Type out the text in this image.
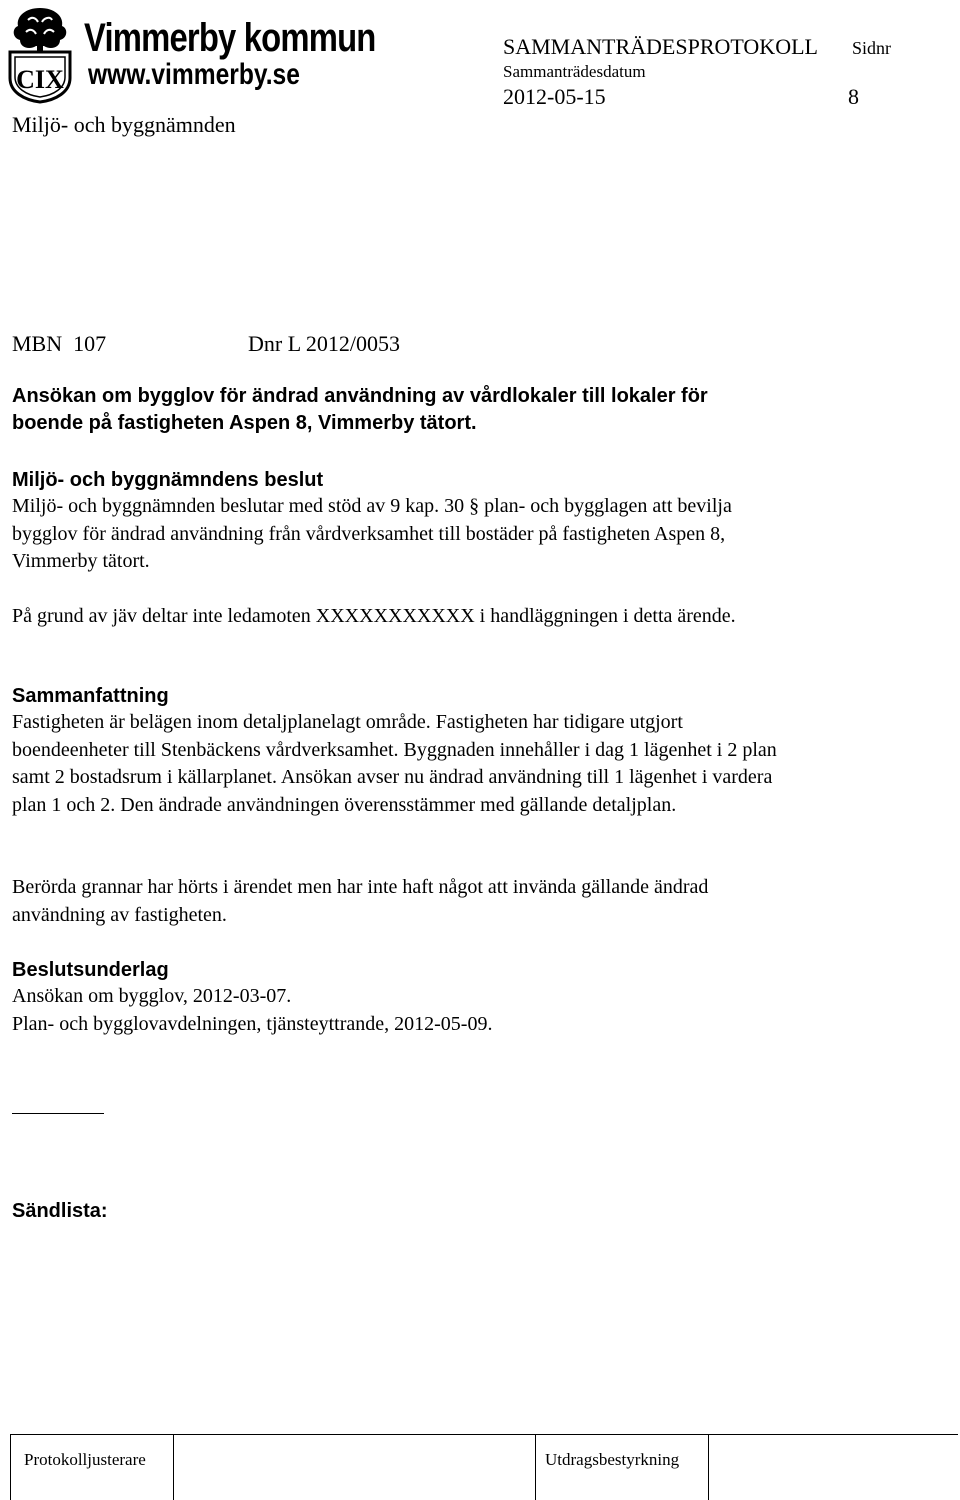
CIX
Vimmerby kommun
www.vimmerby.se
SAMMANTRÄDESPROTOKOLL Sidnr
Sammanträdesdatum
2012-05-15	8
Miljö- och byggnämnden
MBN  107	Dnr L 2012/0053
Ansökan om bygglov för ändrad användning av vårdlokaler till lokaler för boende på fastigheten Aspen 8, Vimmerby tätort.
Miljö- och byggnämndens beslut

Miljö- och byggnämnden beslutar med stöd av 9 kap. 30 § plan- och bygglagen att bevilja bygglov för ändrad användning från vårdverksamhet till bostäder på fastigheten Aspen 8, Vimmerby tätort.

På grund av jäv deltar inte ledamoten XXXXXXXXXXX i handläggningen i detta ärende.

Sammanfattning

Fastigheten är belägen inom detaljplanelagt område. Fastigheten har tidigare utgjort boendeenheter till Stenbäckens vårdverksamhet. Byggnaden innehåller i dag 1 lägenhet i 2 plan samt 2 bostadsrum i källarplanet. Ansökan avser nu ändrad användning till 1 lägenhet i vardera plan 1 och 2. Den ändrade användningen överensstämmer med gällande detaljplan.

Berörda grannar har hörts i ärendet men har inte haft något att invända gällande ändrad användning av fastigheten.

Beslutsunderlag

Ansökan om bygglov, 2012-03-07.

Plan- och bygglovavdelningen, tjänsteyttrande, 2012-05-09.

Sändlista:
Protokolljusterare	Utdragsbestyrkning
